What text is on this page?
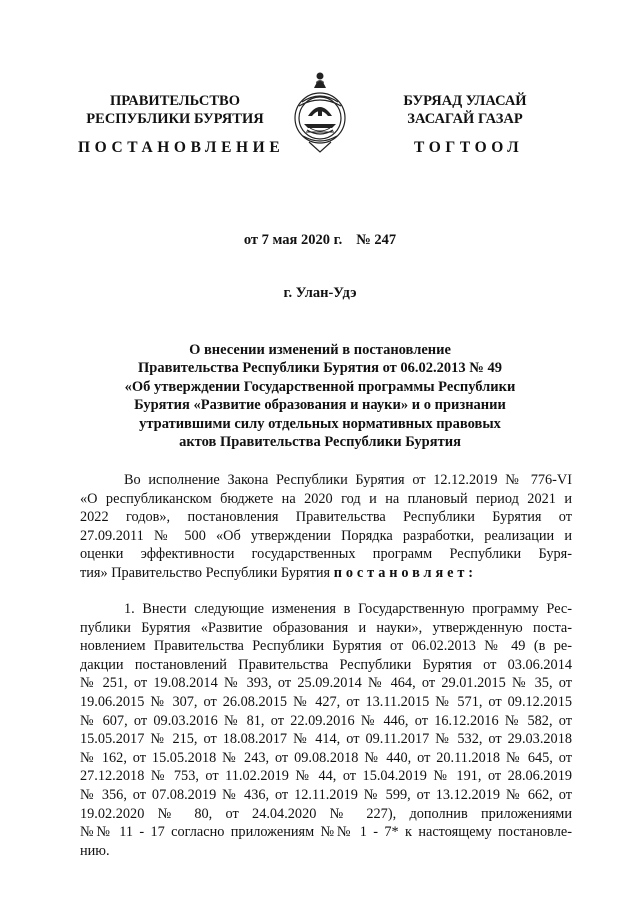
ПРАВИТЕЛЬСТВО
РЕСПУБЛИКИ БУРЯТИЯ
ПОСТАНОВЛЕНИЕ
БУРЯАД УЛАСАЙ
ЗАСАГАЙ ГАЗАР
ТОГТООЛ
от 7 мая 2020 г. № 247
г. Улан-Удэ
О внесении изменений в постановление
Правительства Республики Бурятия от 06.02.2013 № 49
«Об утверждении Государственной программы Республики
Бурятия «Развитие образования и науки» и о признании
утратившими силу отдельных нормативных правовых
актов Правительства Республики Бурятия
Во исполнение Закона Республики Бурятия от 12.12.2019 № 776-VI
«О республиканском бюджете на 2020 год и на плановый период 2021 и
2022 годов», постановления Правительства Республики Бурятия от
27.09.2011 № 500 «Об утверждении Порядка разработки, реализации и
оценки эффективности государственных программ Республики Буря-
тия» Правительство Республики Бурятия постановляет:
1. Внести следующие изменения в Государственную программу Рес-
публики Бурятия «Развитие образования и науки», утвержденную поста-
новлением Правительства Республики Бурятия от 06.02.2013 № 49 (в ре-
дакции постановлений Правительства Республики Бурятия от 03.06.2014
№ 251, от 19.08.2014 № 393, от 25.09.2014 № 464, от 29.01.2015 № 35, от
19.06.2015 № 307, от 26.08.2015 № 427, от 13.11.2015 № 571, от 09.12.2015
№ 607, от 09.03.2016 № 81, от 22.09.2016 № 446, от 16.12.2016 № 582, от
15.05.2017 № 215, от 18.08.2017 № 414, от 09.11.2017 № 532, от 29.03.2018
№ 162, от 15.05.2018 № 243, от 09.08.2018 № 440, от 20.11.2018 № 645, от
27.12.2018 № 753, от 11.02.2019 № 44, от 15.04.2019 № 191, от 28.06.2019
№ 356, от 07.08.2019 № 436, от 12.11.2019 № 599, от 13.12.2019 № 662, от
19.02.2020 № 80, от 24.04.2020 № 227), дополнив приложениями
№№ 11 - 17 согласно приложениям №№ 1 - 7* к настоящему постановле-
нию.
